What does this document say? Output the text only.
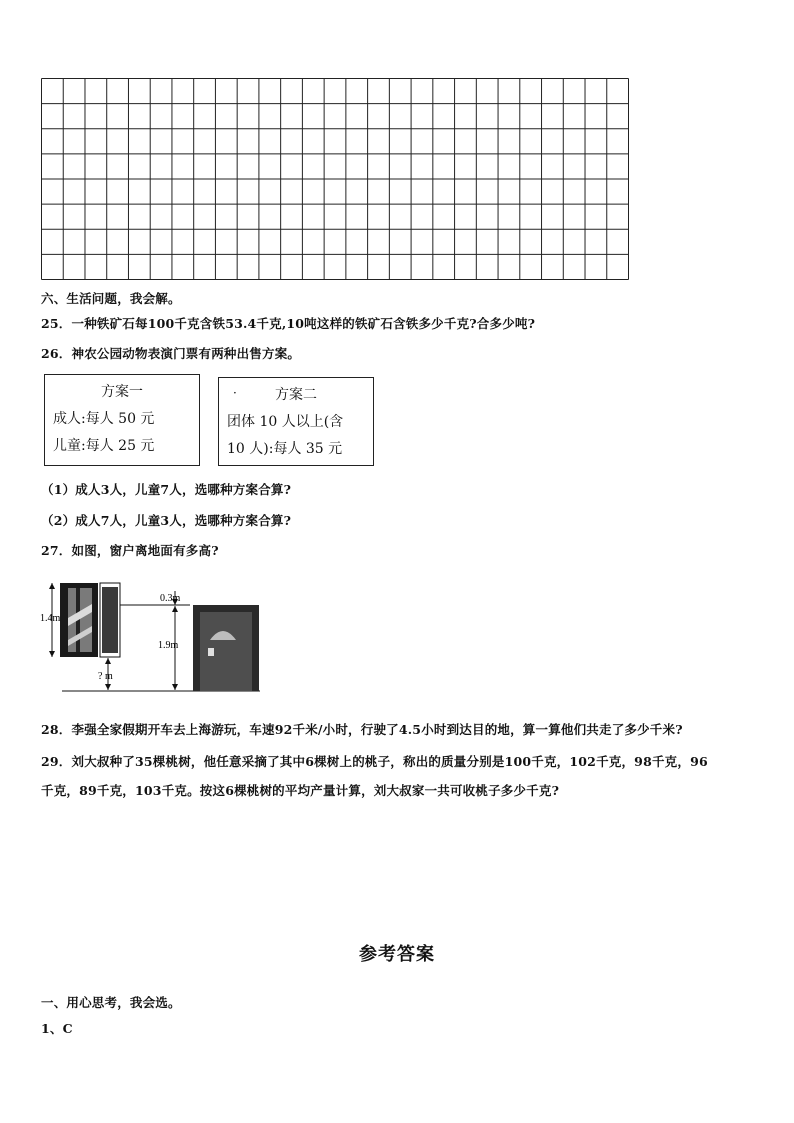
六、生活问题，我会解。
25．一种铁矿石每100千克含铁53.4千克,10吨这样的铁矿石含铁多少千克?合多少吨?
26．神农公园动物表演门票有两种出售方案。
方案一
成人:每人 50 元
儿童:每人 25 元
·	方案二
团体 10 人以上(含
10 人):每人 35 元
（1）成人3人，儿童7人，选哪种方案合算?
（2）成人7人，儿童3人，选哪种方案合算?
27．如图，窗户离地面有多高?
1.4m
0.3m
1.9m
? m
28．李强全家假期开车去上海游玩，车速92千米/小时，行驶了4.5小时到达目的地，算一算他们共走了多少千米?
29．刘大叔种了35棵桃树，他任意采摘了其中6棵树上的桃子，称出的质量分别是100千克，102千克，98千克，96
千克，89千克，103千克。按这6棵桃树的平均产量计算，刘大叔家一共可收桃子多少千克?
参考答案
一、用心思考，我会选。
1、C
